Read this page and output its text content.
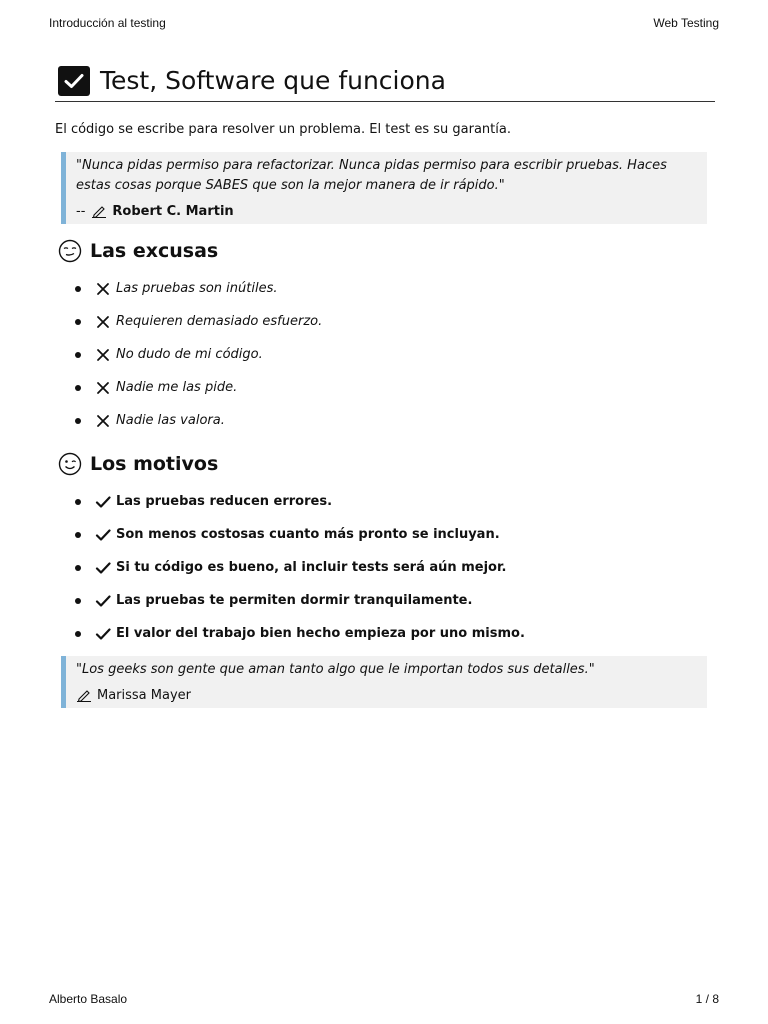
Introducción al testing	Web Testing
Test, Software que funciona

El código se escribe para resolver un problema. El test es su garantía.

"Nunca pidas permiso para refactorizar. Nunca pidas permiso para escribir pruebas. Haces estas cosas porque SABES que son la mejor manera de ir rápido."

-- Robert C. Martin
Las excusas
Las pruebas son inútiles.
Requieren demasiado esfuerzo.
No dudo de mi código.
Nadie me las pide.
Nadie las valora.
Los motivos
Las pruebas reducen errores.
Son menos costosas cuanto más pronto se incluyan.
Si tu código es bueno, al incluir tests será aún mejor.
Las pruebas te permiten dormir tranquilamente.
El valor del trabajo bien hecho empieza por uno mismo.

"Los geeks son gente que aman tanto algo que le importan todos sus detalles."

Marissa Mayer
Alberto Basalo	1 / 8
